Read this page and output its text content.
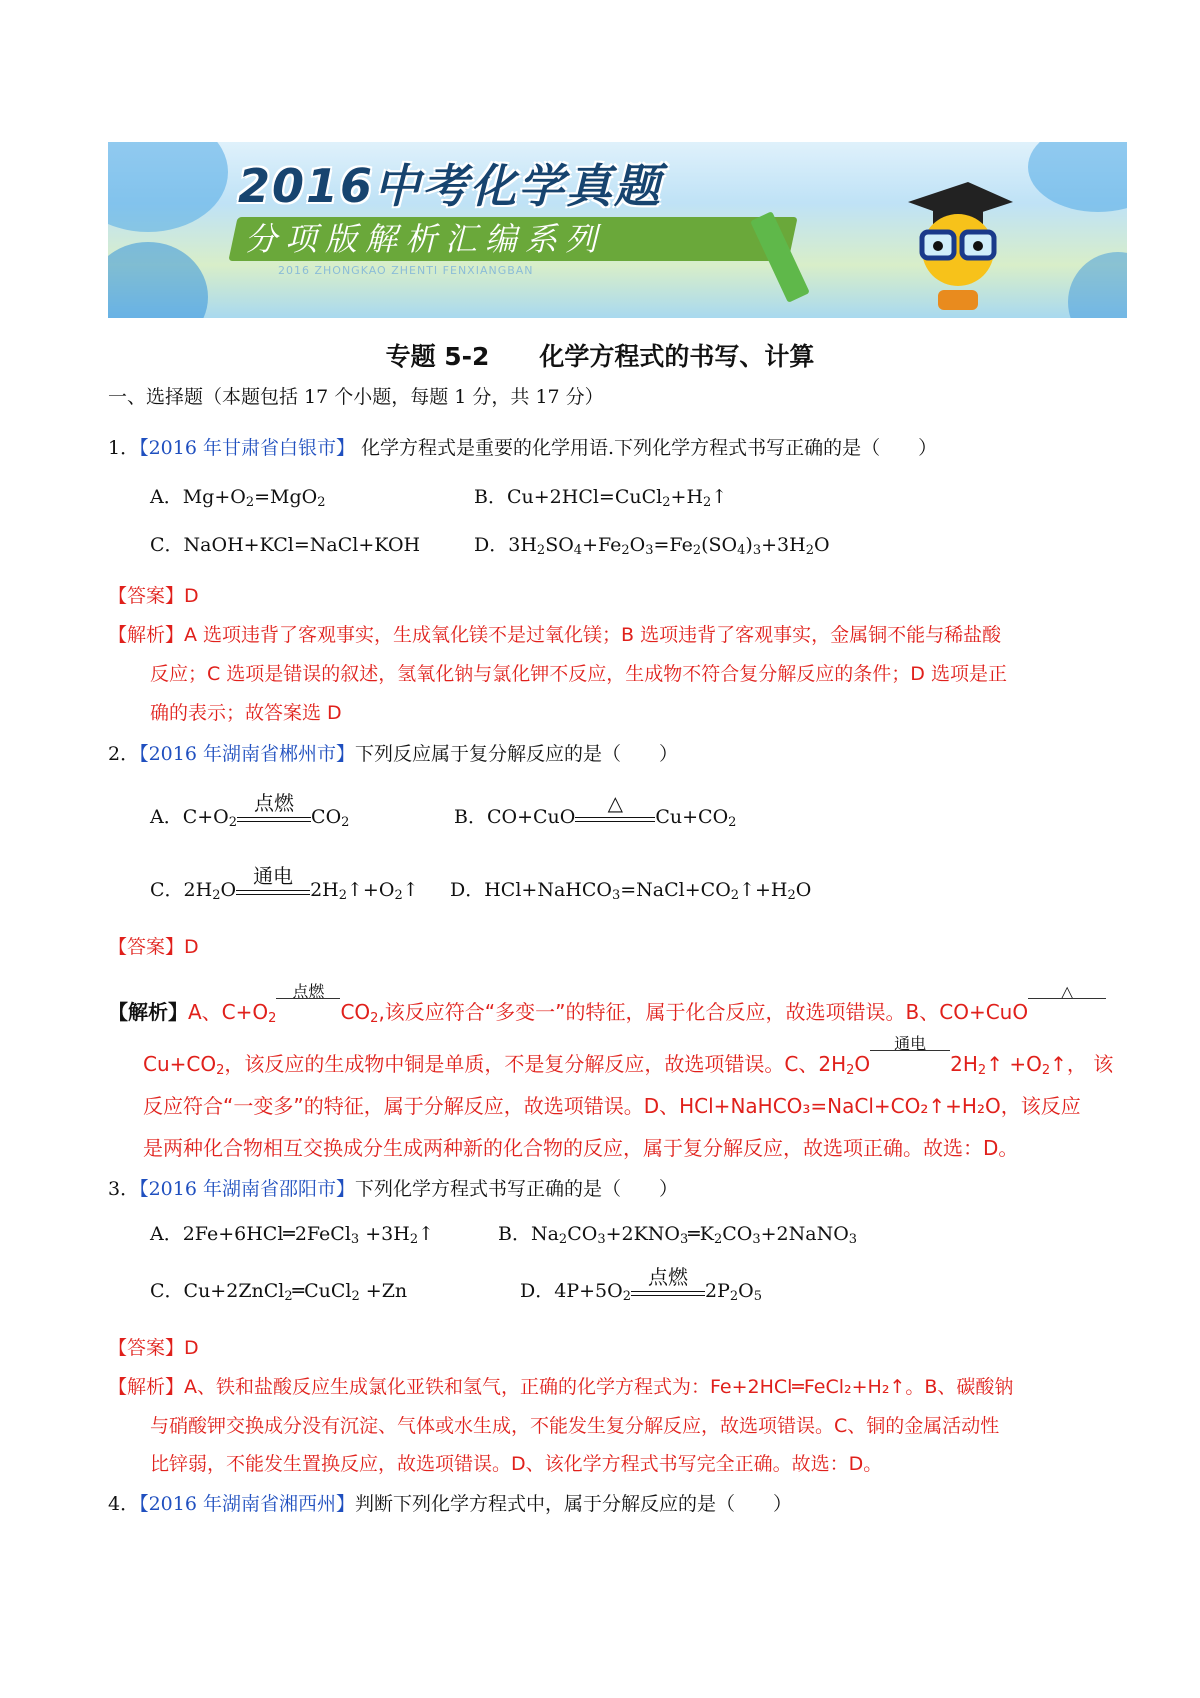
2016中考化学真题
分项版解析汇编系列
2016 ZHONGKAO ZHENTI FENXIANGBAN
专题 5-2　　化学方程式的书写、计算
一、选择题（本题包括 17 个小题，每题 1 分，共 17 分）
1．【2016 年甘肃省白银市】 化学方程式是重要的化学用语.下列化学方程式书写正确的是（　　）
A．$Mg+O_2=MgO_2$	B．$Cu+2HCl=CuCl_2+H_2↑$
C．NaOH+KCl=NaCl+KOH	D．$3H_2SO_4+Fe_2O_3=Fe_2(SO_4)_3+3H_2O$
【答案】D
【解析】A 选项违背了客观事实，生成氧化镁不是过氧化镁；B 选项违背了客观事实，金属铜不能与稀盐酸
反应；C 选项是错误的叙述，氢氧化钠与氯化钾不反应，生成物不符合复分解反应的条件；D 选项是正
确的表示；故答案选 D
2．【2016 年湖南省郴州市】下列反应属于复分解反应的是（　　）
A．$C+O_2$
点燃
$CO_2$	B．CO+CuO
△
$Cu+CO_2$
C．$2H_2O$
通电
$2H_2↑+O_2↑$ D．$HCl+NaHCO_3=NaCl+CO_2↑+H_2O$
【答案】D
【解析】A、$C+O_2$
点燃
$CO_2$,该反应符合“多变一”的特征，属于化合反应，故选项错误。B、CO+CuO
△
$Cu+CO_2$，该反应的生成物中铜是单质，不是复分解反应，故选项错误。C、$2H_2O$
通电
$2H_2↑$ $+O_2↑$， 该
反应符合“一变多”的特征，属于分解反应，故选项错误。D、HCl+NaHCO₃=NaCl+CO₂↑+H₂O，该反应
是两种化合物相互交换成分生成两种新的化合物的反应，属于复分解反应，故选项正确。故选：D。
3．【2016 年湖南省邵阳市】下列化学方程式书写正确的是（　　）
A．2Fe+6HCl═2FeCl$_3$ $+3H_2↑$	B．$Na_2CO_3+2KNO_3═K_2CO_3+2NaNO_3$
C．Cu+2ZnCl$_2$═CuCl$_2$ +Zn	D．$4P+5O_2$
点燃
$2P_2O_5$
【答案】D
【解析】A、铁和盐酸反应生成氯化亚铁和氢气，正确的化学方程式为：Fe+2HCl═FeCl₂+H₂↑。B、碳酸钠
与硝酸钾交换成分没有沉淀、气体或水生成，不能发生复分解反应，故选项错误。C、铜的金属活动性
比锌弱，不能发生置换反应，故选项错误。D、该化学方程式书写完全正确。故选：D。
4．【2016 年湖南省湘西州】判断下列化学方程式中，属于分解反应的是（　　）
